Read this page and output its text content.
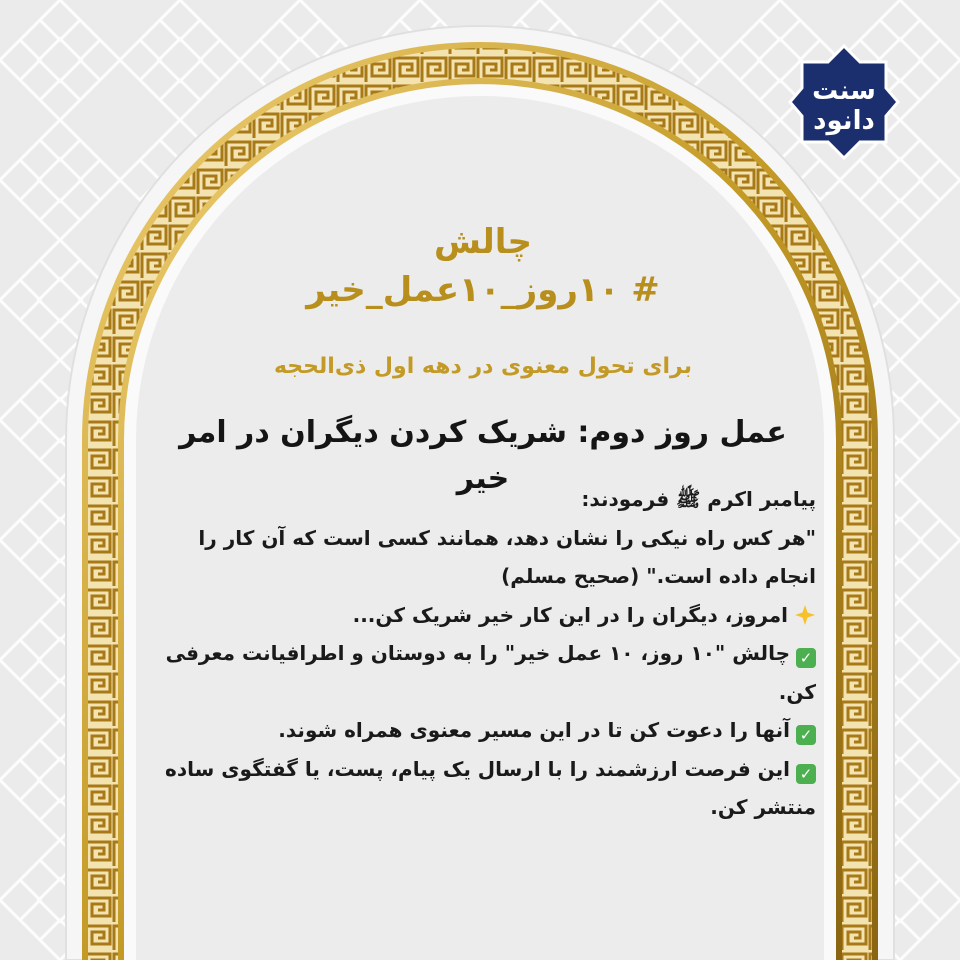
سنت
دانود
چالش
# ۱۰روز_۱۰عمل_خیر
برای تحول معنوی در دهه اول ذی‌الحجه
عمل روز دوم: شریک کردن دیگران در امر خیر

پیامبر اکرم ﷺ فرمودند:

"هر کس راه نیکی را نشان دهد، همانند کسی است که آن کار را انجام داده است." (صحیح مسلم)

امروز، دیگران را در این کار خیر شریک کن...

✓چالش "۱۰ روز، ۱۰ عمل خیر" را به دوستان و اطرافیانت معرفی کن.

✓آنها را دعوت کن تا در این مسیر معنوی همراه شوند.

✓این فرصت ارزشمند را با ارسال یک پیام، پست، یا گفتگوی ساده منتشر کن.
